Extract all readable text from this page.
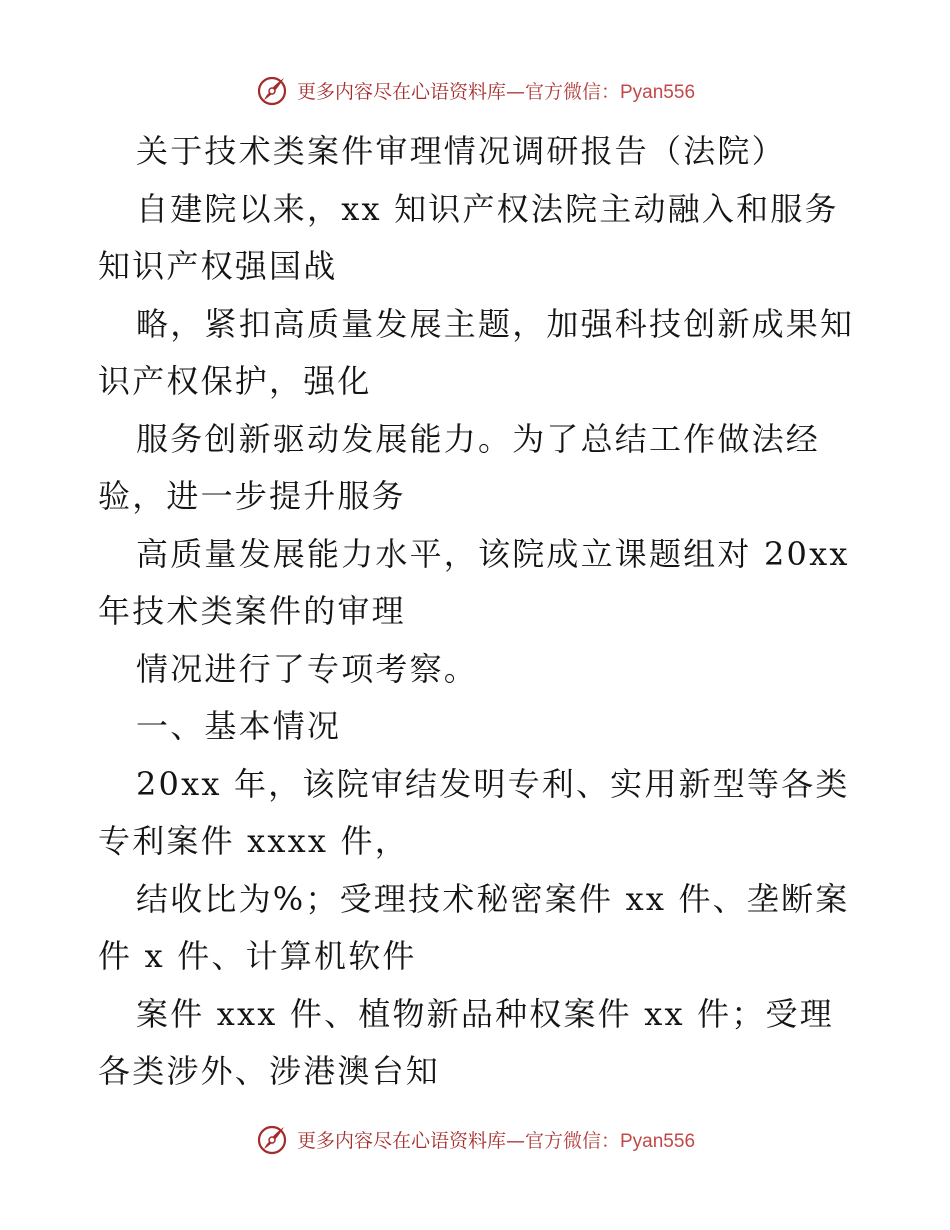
更多内容尽在心语资料库—官方微信：Pyan556
关于技术类案件审理情况调研报告（法院）
自建院以来，xx 知识产权法院主动融入和服务
知识产权强国战
略，紧扣高质量发展主题，加强科技创新成果知
识产权保护，强化
服务创新驱动发展能力。为了总结工作做法经
验，进一步提升服务
高质量发展能力水平，该院成立课题组对 20xx
年技术类案件的审理
情况进行了专项考察。
一、基本情况
20xx 年，该院审结发明专利、实用新型等各类
专利案件 xxxx 件，
结收比为%；受理技术秘密案件 xx 件、垄断案
件 x 件、计算机软件
案件 xxx 件、植物新品种权案件 xx 件；受理
各类涉外、涉港澳台知
更多内容尽在心语资料库—官方微信：Pyan556
